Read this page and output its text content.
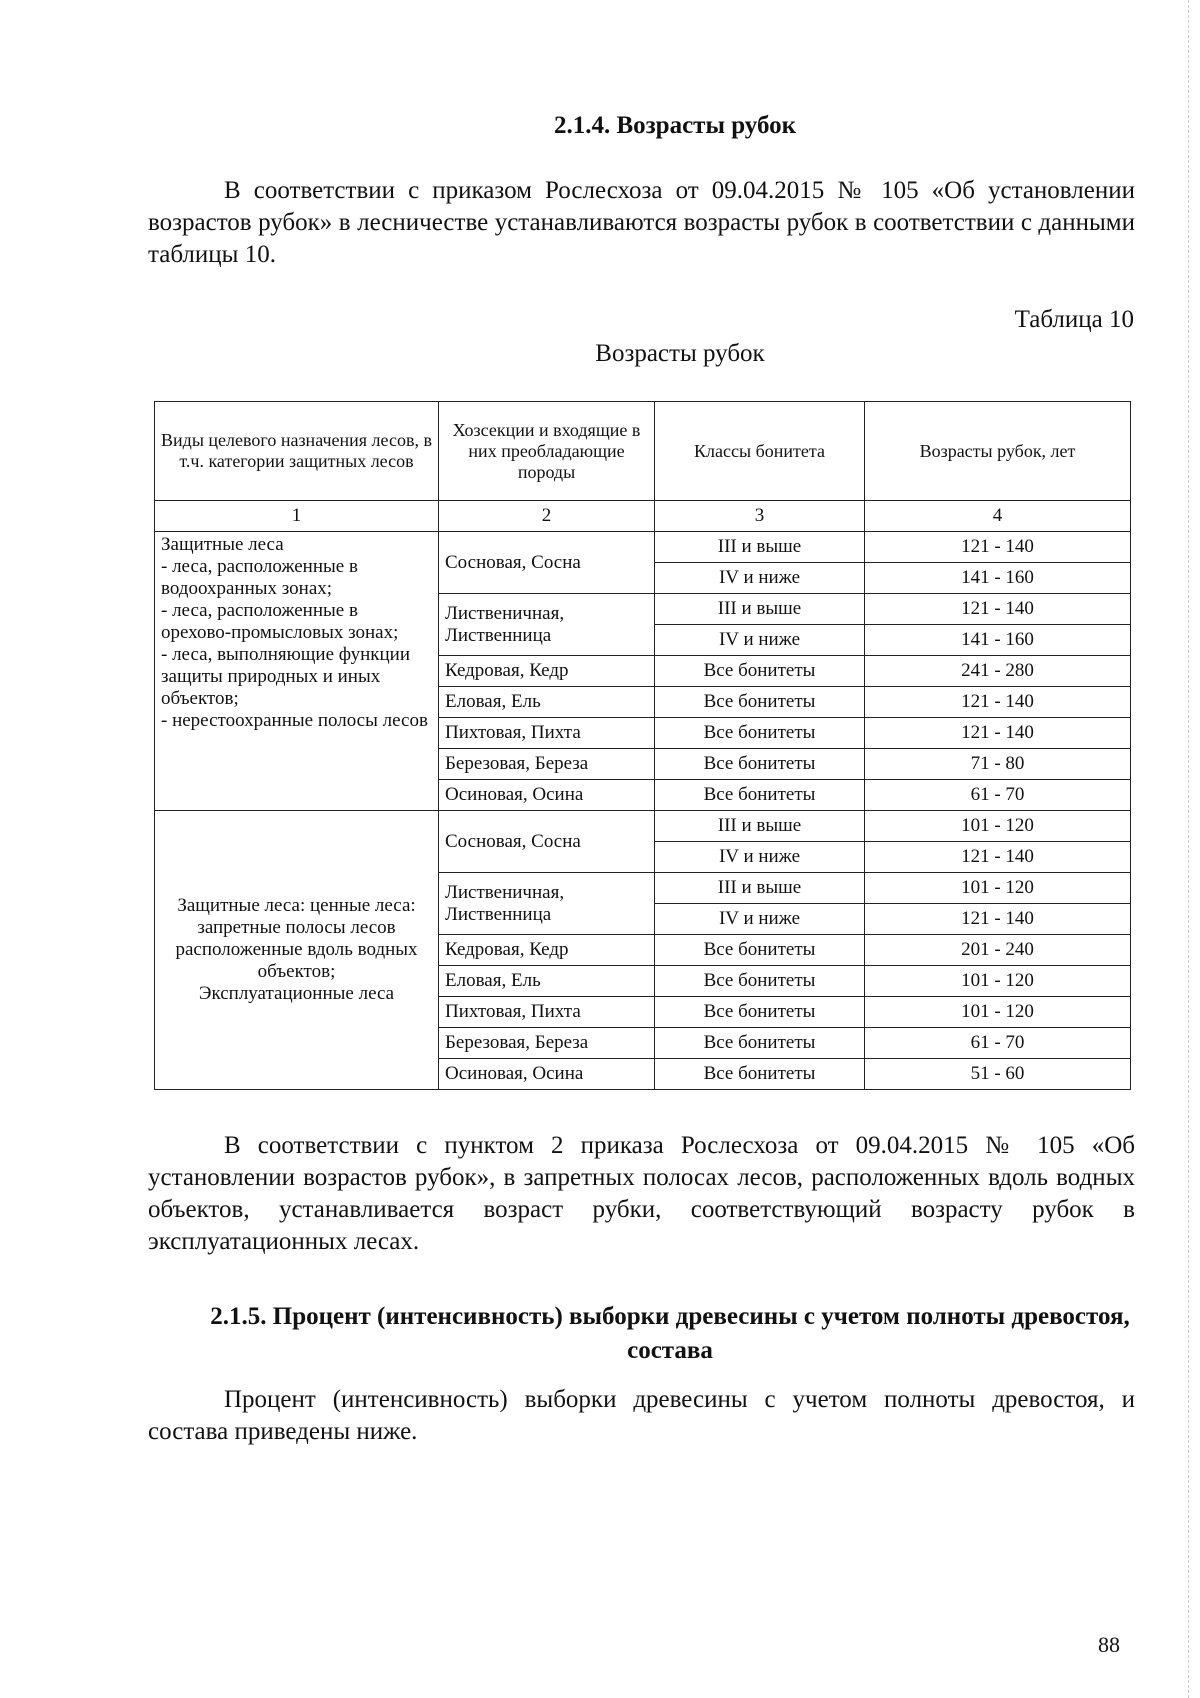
2.1.4. Возрасты рубок

В соответствии с приказом Рослесхоза от 09.04.2015 № 105 «Об установлении возрастов рубок» в лесничестве устанавливаются возрасты рубок в соответствии с данными таблицы 10.

Таблица 10
Возрасты рубок
Виды целевого назначения лесов, в т.ч. категории защитных лесов	Хозсекции и входящие в них преобладающие породы	Классы бонитета	Возрасты рубок, лет
1	2	3	4
Защитные леса
- леса, расположенные в водоохранных зонах;
- леса, расположенные в орехово-промысловых зонах;
- леса, выполняющие функции защиты природных и иных объектов;
- нерестоохранные полосы лесов	Сосновая, Сосна	III и выше	121 - 140
		IV и ниже	141 - 160
	Лиственичная, Лиственница	III и выше	121 - 140
		IV и ниже	141 - 160
	Кедровая, Кедр	Все бонитеты	241 - 280
	Еловая, Ель	Все бонитеты	121 - 140
	Пихтовая, Пихта	Все бонитеты	121 - 140
	Березовая, Береза	Все бонитеты	71 - 80
	Осиновая, Осина	Все бонитеты	61 - 70
Защитные леса: ценные леса: запретные полосы лесов расположенные вдоль водных объектов;
Эксплуатационные леса	Сосновая, Сосна	III и выше	101 - 120
		IV и ниже	121 - 140
	Лиственичная, Лиственница	III и выше	101 - 120
		IV и ниже	121 - 140
	Кедровая, Кедр	Все бонитеты	201 - 240
	Еловая, Ель	Все бонитеты	101 - 120
	Пихтовая, Пихта	Все бонитеты	101 - 120
	Березовая, Береза	Все бонитеты	61 - 70
	Осиновая, Осина	Все бонитеты	51 - 60

В соответствии с пунктом 2 приказа Рослесхоза от 09.04.2015 № 105 «Об установлении возрастов рубок», в запретных полосах лесов, расположенных вдоль водных объектов, устанавливается возраст рубки, соответствующий возрасту рубок в эксплуатационных лесах.

2.1.5. Процент (интенсивность) выборки древесины с учетом полноты древостоя, состава

Процент (интенсивность) выборки древесины с учетом полноты древостоя, и состава приведены ниже.

88
